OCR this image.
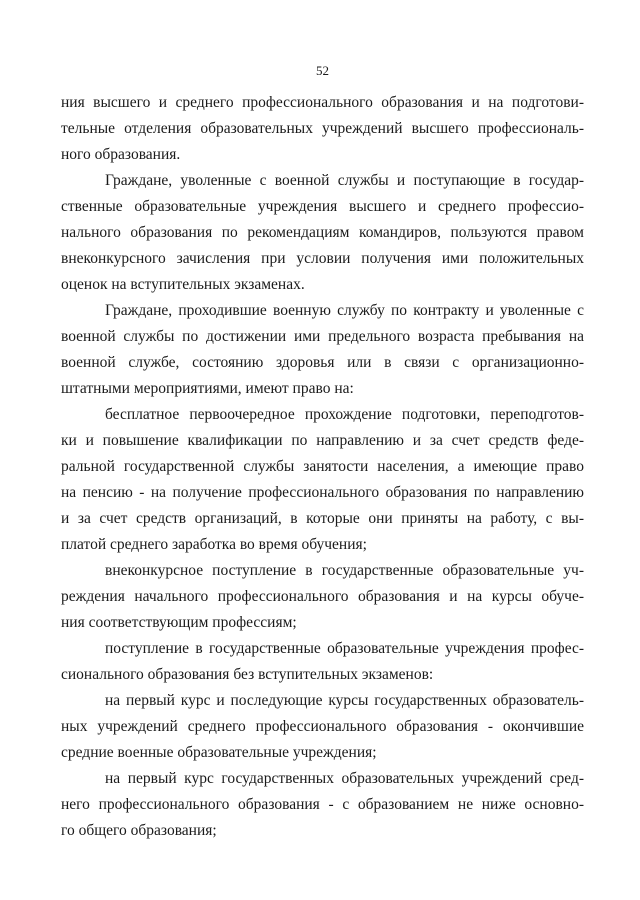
52
ния высшего и среднего профессионального образования и на подготови-
тельные отделения образовательных учреждений высшего профессиональ-
ного образования.
Граждане, уволенные с военной службы и поступающие в государ-
ственные образовательные учреждения высшего и среднего профессио-
нального образования по рекомендациям командиров, пользуются правом
внеконкурсного зачисления при условии получения ими положительных
оценок на вступительных экзаменах.
Граждане, проходившие военную службу по контракту и уволенные с
военной службы по достижении ими предельного возраста пребывания на
военной службе, состоянию здоровья или в связи с организационно-
штатными мероприятиями, имеют право на:
бесплатное первоочередное прохождение подготовки, переподготов-
ки и повышение квалификации по направлению и за счет средств феде-
ральной государственной службы занятости населения, а имеющие право
на пенсию - на получение профессионального образования по направлению
и за счет средств организаций, в которые они приняты на работу, с вы-
платой среднего заработка во время обучения;
внеконкурсное поступление в государственные образовательные уч-
реждения начального профессионального образования и на курсы обуче-
ния соответствующим профессиям;
поступление в государственные образовательные учреждения профес-
сионального образования без вступительных экзаменов:
на первый курс и последующие курсы государственных образователь-
ных учреждений среднего профессионального образования - окончившие
средние военные образовательные учреждения;
на первый курс государственных образовательных учреждений сред-
него профессионального образования - с образованием не ниже основно-
го общего образования;
